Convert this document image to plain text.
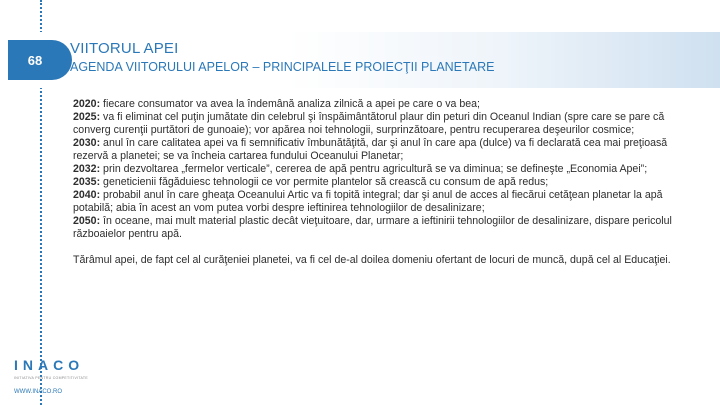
68
VIITORUL APEI
AGENDA VIITORULUI APELOR – PRINCIPALELE PROIECŢII PLANETARE

2020: fiecare consumator va avea la îndemână analiza zilnică a apei pe care o va bea;

2025: va fi eliminat cel puţin jumătate din celebrul şi înspăimântătorul plaur din peturi din Oceanul Indian (spre care se pare că converg curenţii purtători de gunoaie); vor apărea noi tehnologii, surprinzătoare, pentru recuperarea deşeurilor cosmice;

2030: anul în care calitatea apei va fi semnificativ îmbunătăţită, dar şi anul în care apa (dulce) va fi declarată cea mai preţioasă rezervă a planetei; se va încheia cartarea fundului Oceanului Planetar;

2032: prin dezvoltarea „fermelor verticale”, cererea de apă pentru agricultură se va diminua; se defineşte „Economia Apei”;

2035: geneticienii făgăduiesc tehnologii ce vor permite plantelor să crească cu consum de apă redus;

2040: probabil anul în care gheaţa Oceanului Artic va fi topită integral; dar şi anul de acces al fiecărui cetăţean planetar la apă potabilă; abia în acest an vom putea vorbi despre ieftinirea tehnologiilor de desalinizare;

2050: în oceane, mai mult material plastic decât vieţuitoare, dar, urmare a ieftinirii tehnologiilor de desalinizare, dispare pericolul războaielor pentru apă.

Tărâmul apei, de fapt cel al curăţeniei planetei, va fi cel de-al doilea domeniu ofertant de locuri de muncă, după cel al Educaţiei.

INACO
INITIATIVA PENTRU COMPETITIVITATE
WWW.INACO.RO
